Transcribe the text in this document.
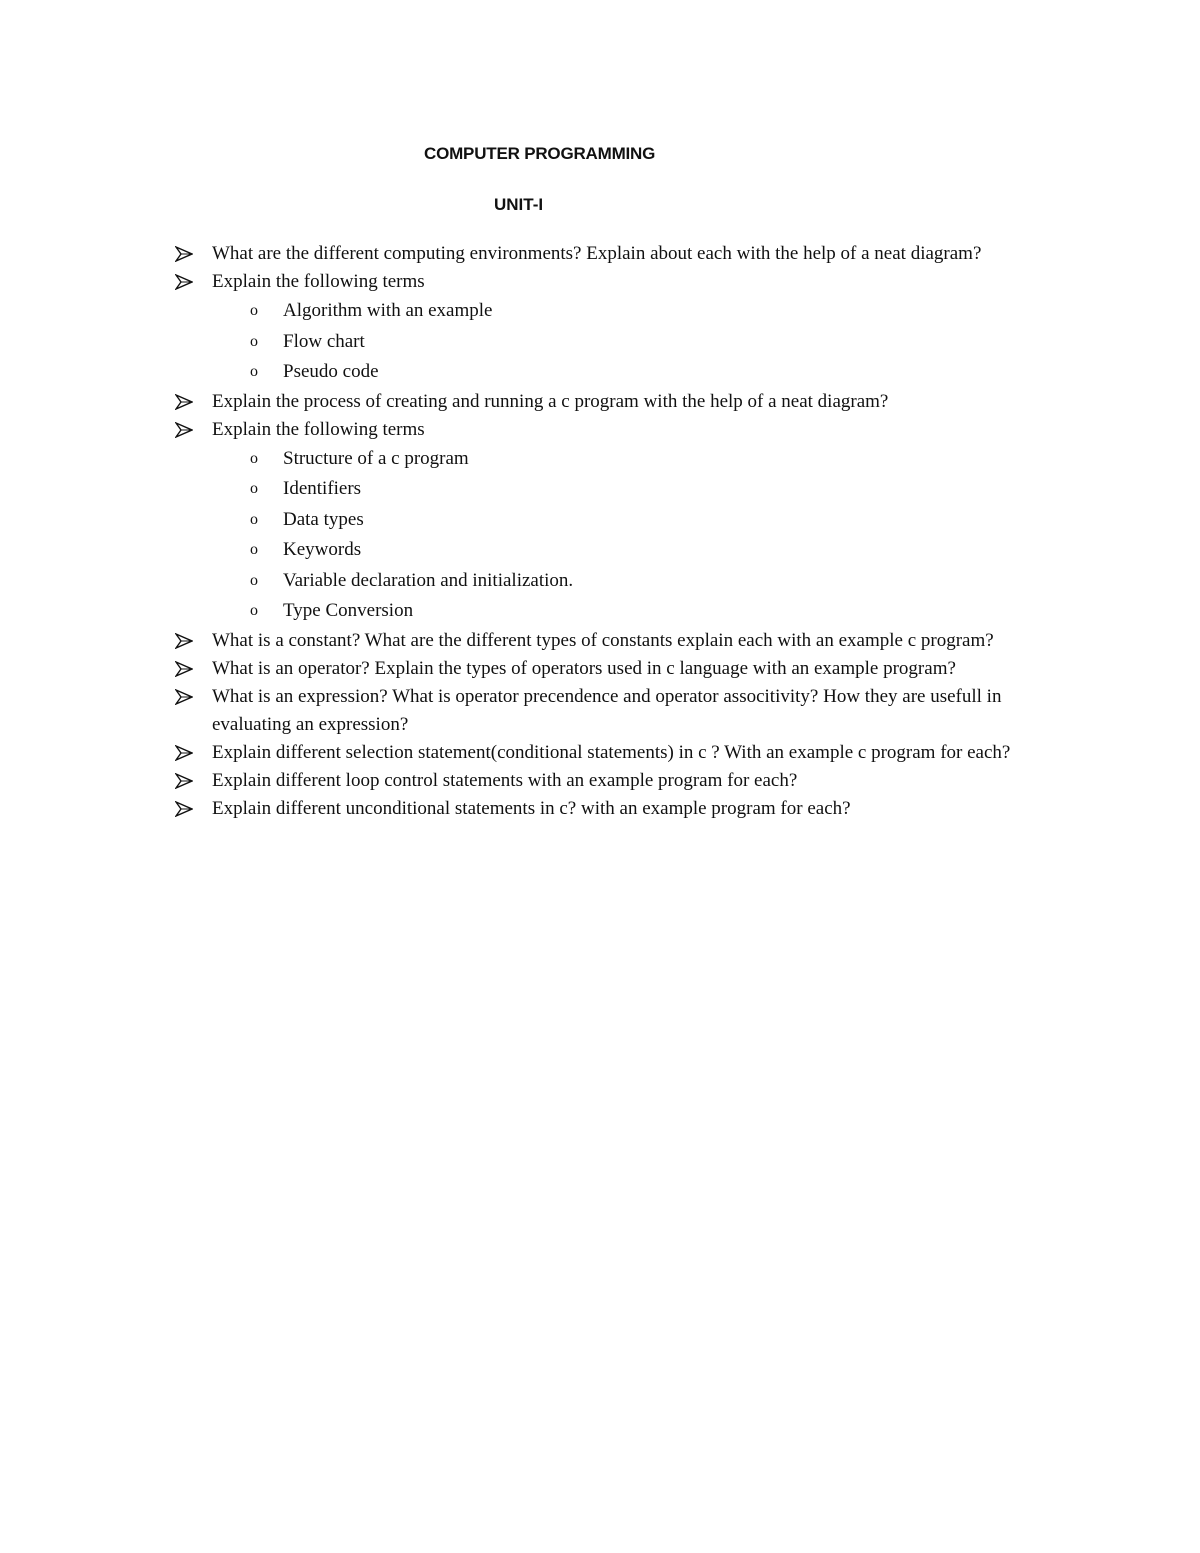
COMPUTER PROGRAMMING
UNIT-I
What are the different computing environments? Explain about each with the help of a neat diagram?
Explain the following terms
o Algorithm with an example
o Flow chart
o Pseudo code
Explain the process of creating and running a c program with the help of a neat diagram?
Explain the following terms
o Structure of a c program
o Identifiers
o Data types
o Keywords
o Variable declaration and initialization.
o Type Conversion
What is a constant? What are the different types of constants explain each with an example c program?
What is an operator? Explain the types of operators used in c language with an example program?
What is an expression? What is operator precendence and operator associtivity? How they are usefull in evaluating an expression?
Explain different selection statement(conditional statements) in c ? With an example c program for each?
Explain different loop control statements with an example program for each?
Explain different unconditional statements in c? with an example program for each?
